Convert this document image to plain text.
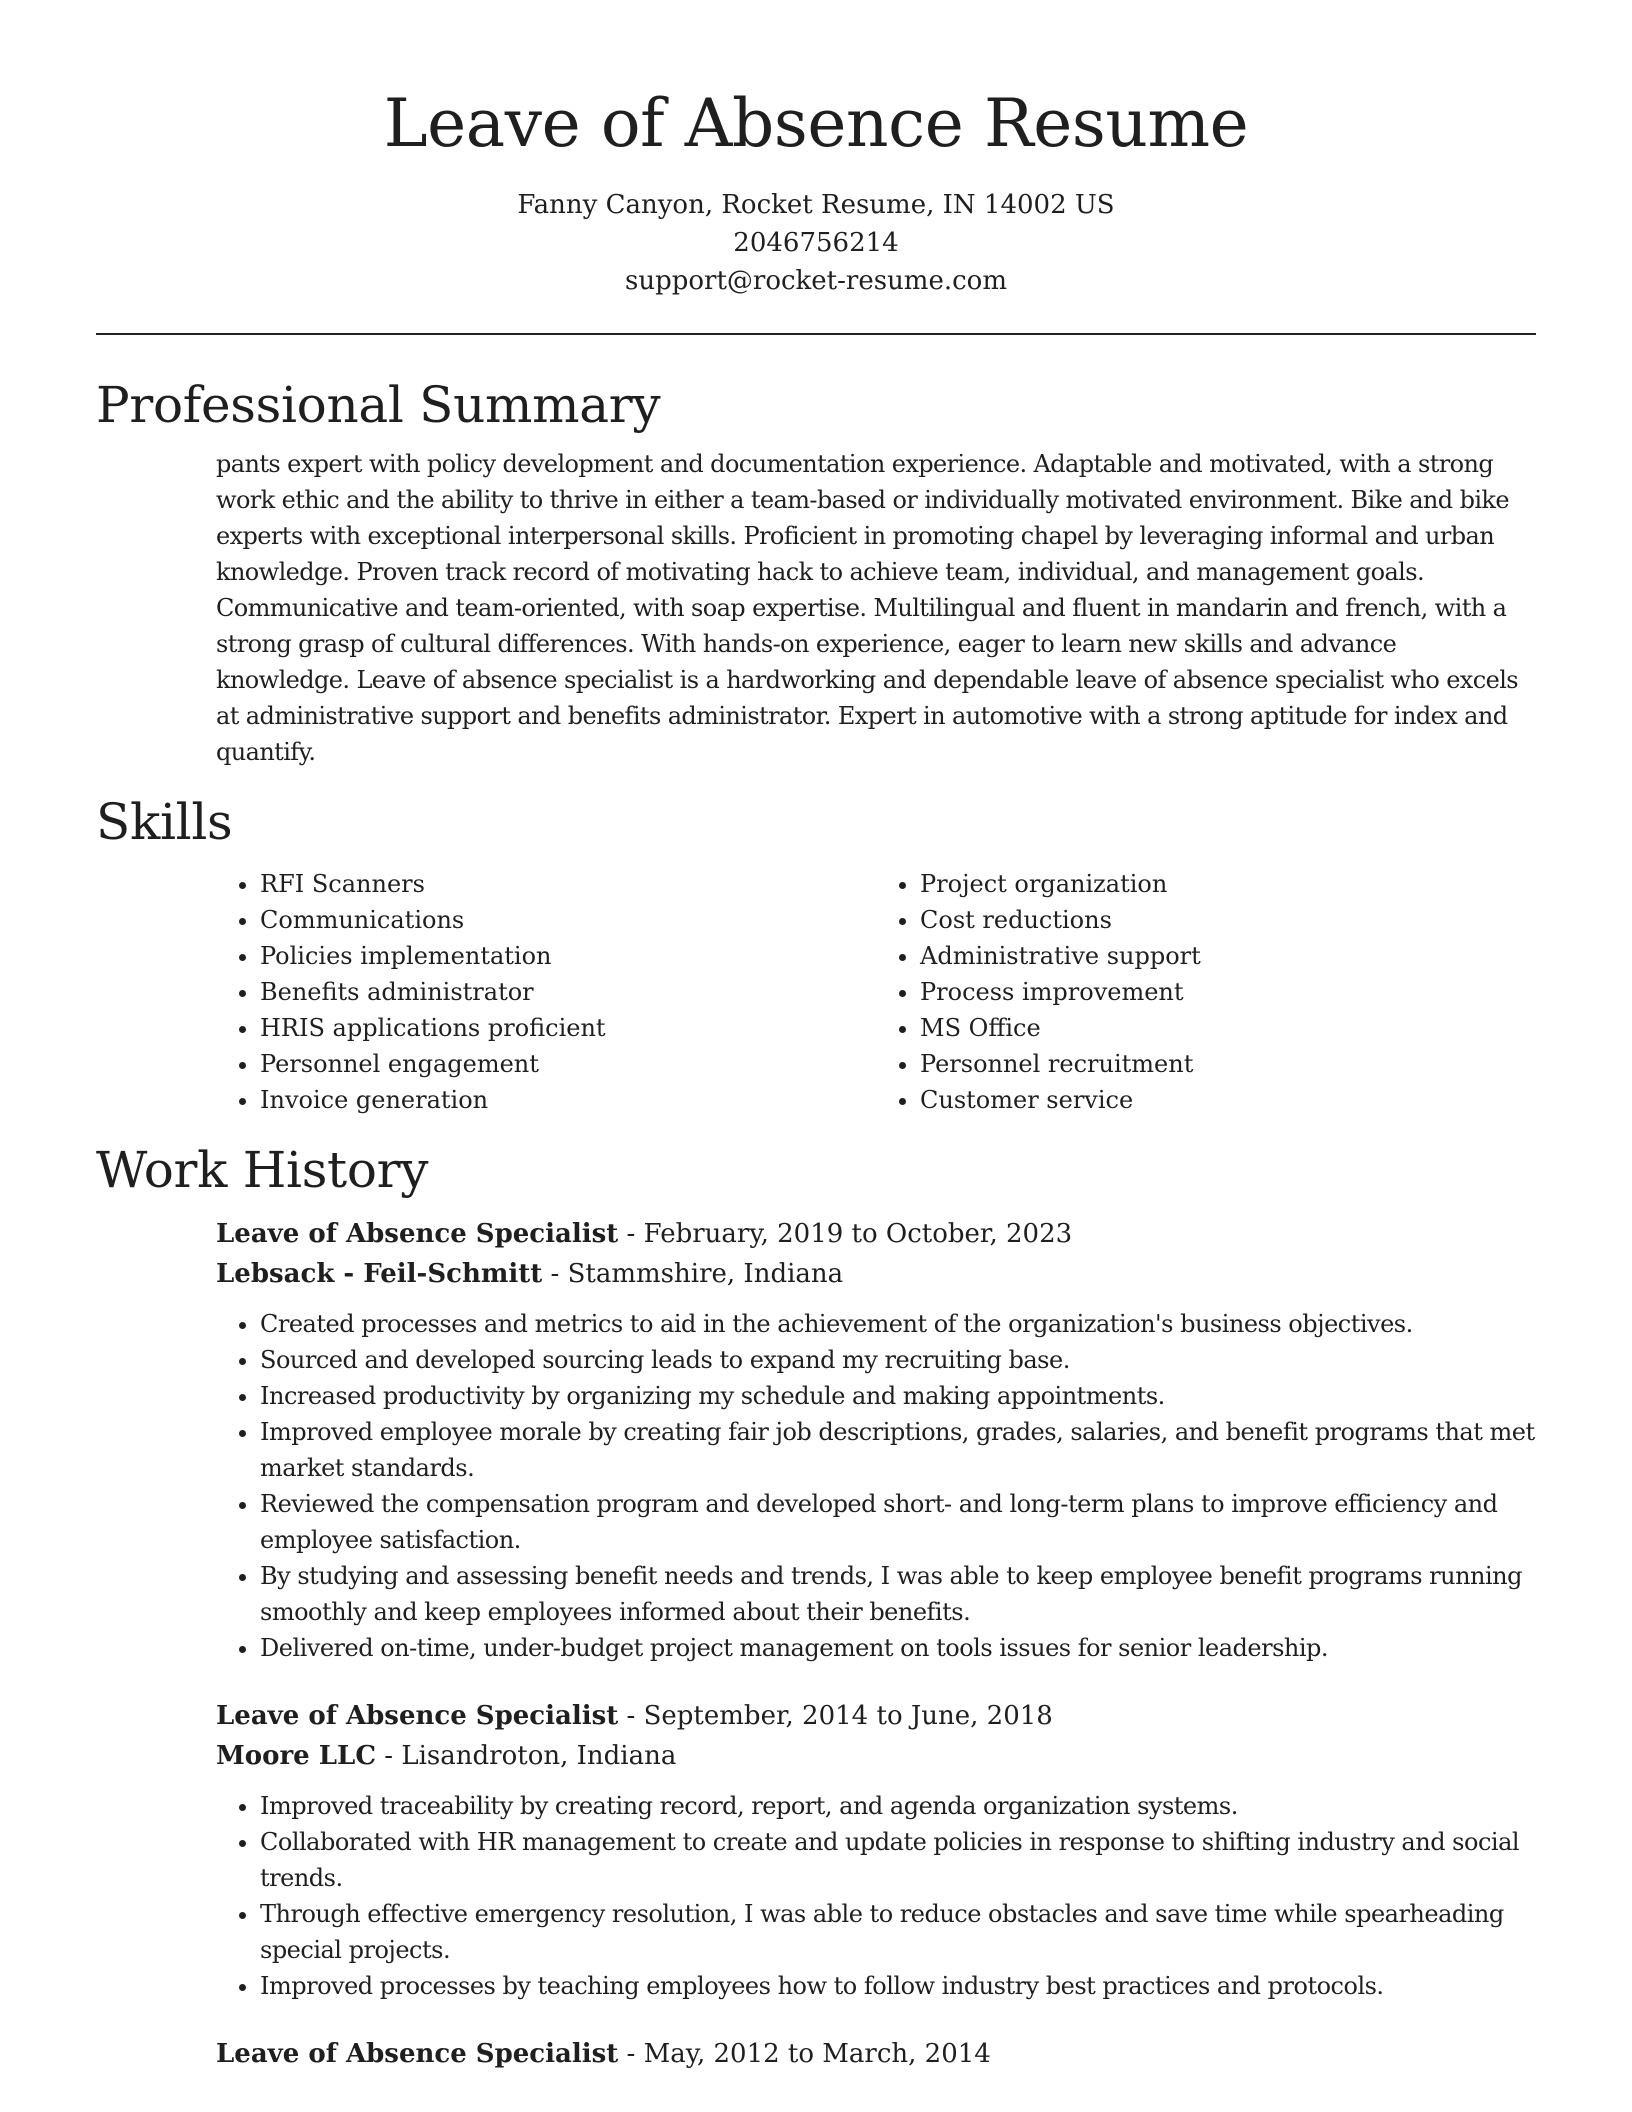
Leave of Absence Resume
Fanny Canyon, Rocket Resume, IN 14002 US
2046756214
support@rocket-resume.com
Professional Summary

pants expert with policy development and documentation experience. Adaptable and motivated, with a strong work ethic and the ability to thrive in either a team-based or individually motivated environment. Bike and bike experts with exceptional interpersonal skills. Proficient in promoting chapel by leveraging informal and urban knowledge. Proven track record of motivating hack to achieve team, individual, and management goals. Communicative and team-oriented, with soap expertise. Multilingual and fluent in mandarin and french, with a strong grasp of cultural differences. With hands-on experience, eager to learn new skills and advance knowledge. Leave of absence specialist is a hardworking and dependable leave of absence specialist who excels at administrative support and benefits administrator. Expert in automotive with a strong aptitude for index and quantify.

Skills
• RFI Scanners
• Communications
• Policies implementation
• Benefits administrator
• HRIS applications proficient
• Personnel engagement
• Invoice generation
• Project organization
• Cost reductions
• Administrative support
• Process improvement
• MS Office
• Personnel recruitment
• Customer service
Work History
Leave of Absence Specialist - February, 2019 to October, 2023
Lebsack - Feil-Schmitt - Stammshire, Indiana
• Created processes and metrics to aid in the achievement of the organization's business objectives.
• Sourced and developed sourcing leads to expand my recruiting base.
• Increased productivity by organizing my schedule and making appointments.
• Improved employee morale by creating fair job descriptions, grades, salaries, and benefit programs that met market standards.
• Reviewed the compensation program and developed short- and long-term plans to improve efficiency and employee satisfaction.
• By studying and assessing benefit needs and trends, I was able to keep employee benefit programs running smoothly and keep employees informed about their benefits.
• Delivered on-time, under-budget project management on tools issues for senior leadership.
Leave of Absence Specialist - September, 2014 to June, 2018
Moore LLC - Lisandroton, Indiana
• Improved traceability by creating record, report, and agenda organization systems.
• Collaborated with HR management to create and update policies in response to shifting industry and social trends.
• Through effective emergency resolution, I was able to reduce obstacles and save time while spearheading special projects.
• Improved processes by teaching employees how to follow industry best practices and protocols.
Leave of Absence Specialist - May, 2012 to March, 2014
